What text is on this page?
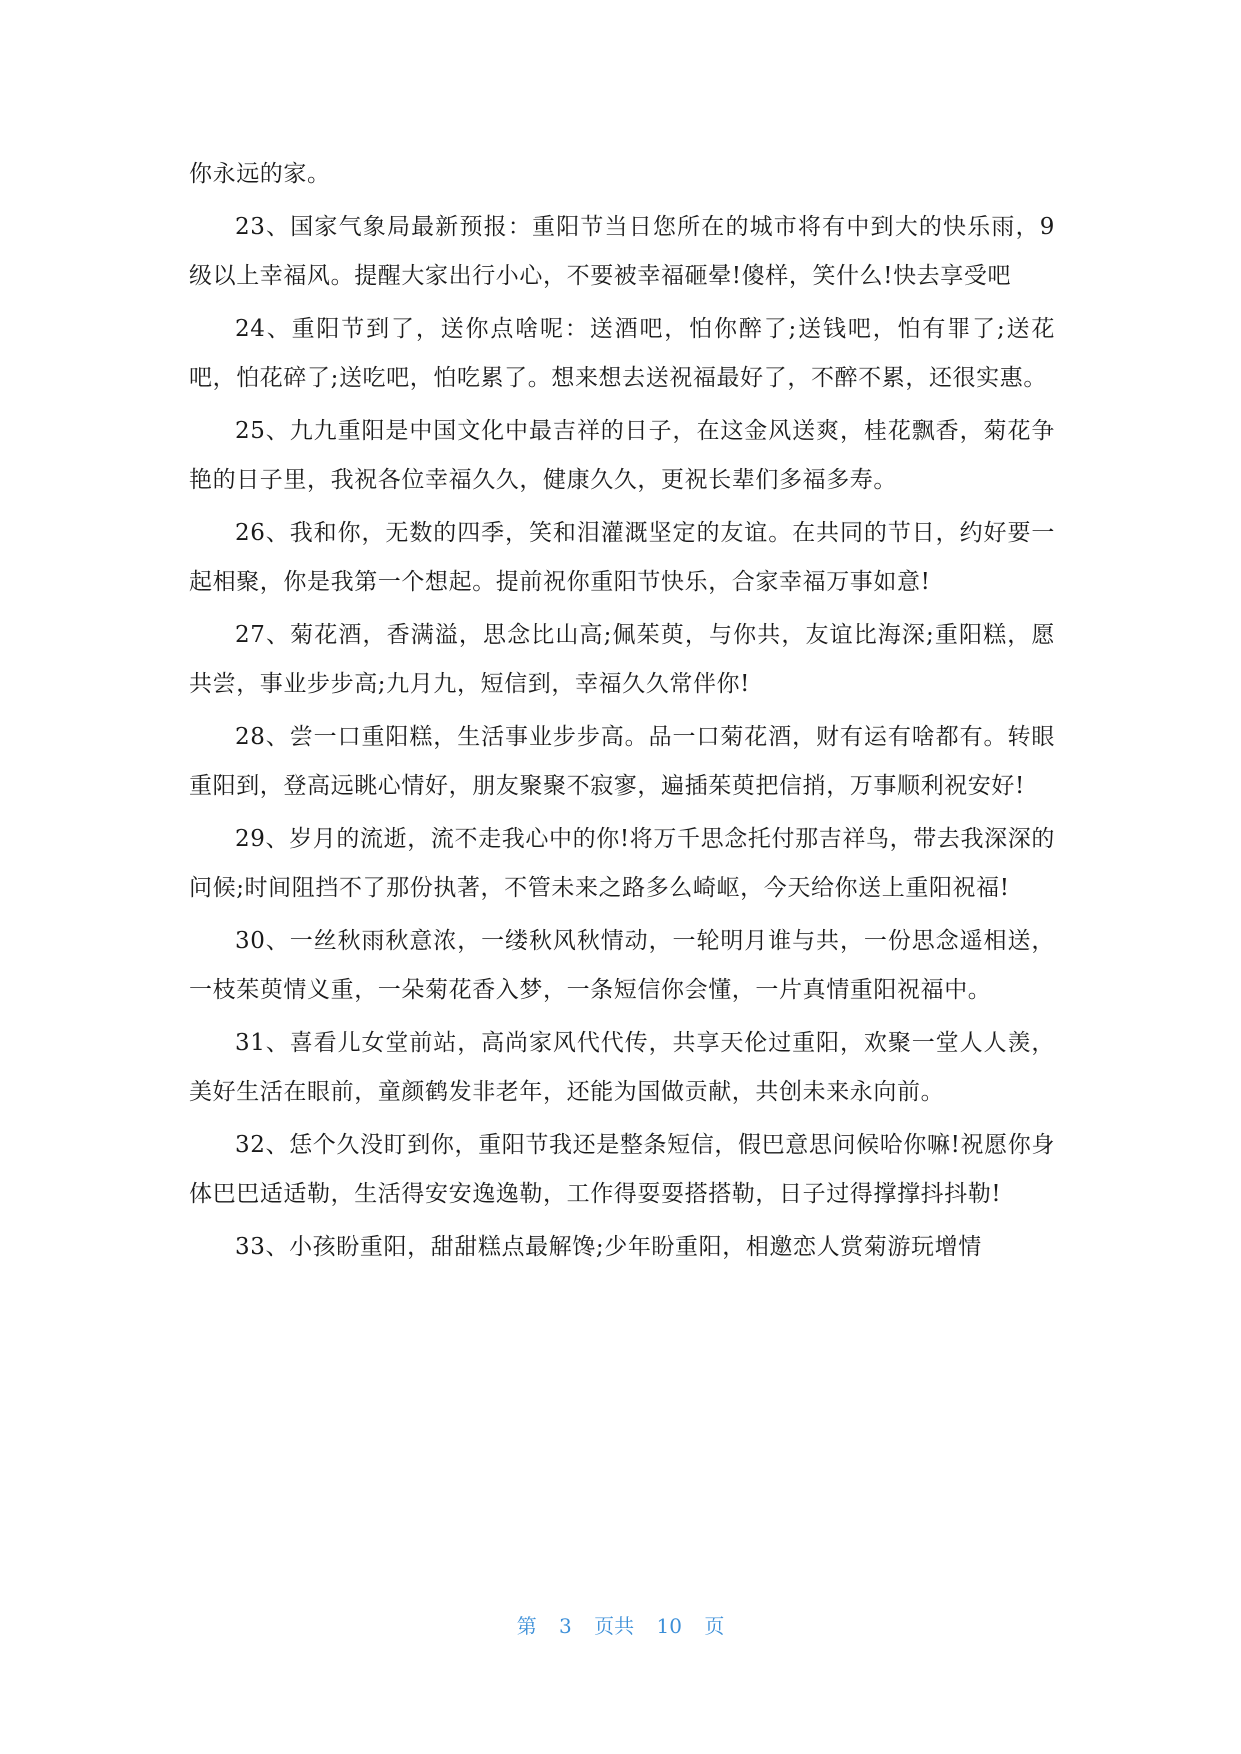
你永远的家。

23、国家气象局最新预报：重阳节当日您所在的城市将有中到大的快乐雨，9级以上幸福风。提醒大家出行小心，不要被幸福砸晕!傻样，笑什么!快去享受吧

24、重阳节到了，送你点啥呢：送酒吧，怕你醉了;送钱吧，怕有罪了;送花吧，怕花碎了;送吃吧，怕吃累了。想来想去送祝福最好了，不醉不累，还很实惠。

25、九九重阳是中国文化中最吉祥的日子，在这金风送爽，桂花飘香，菊花争艳的日子里，我祝各位幸福久久，健康久久，更祝长辈们多福多寿。

26、我和你，无数的四季，笑和泪灌溉坚定的友谊。在共同的节日，约好要一起相聚，你是我第一个想起。提前祝你重阳节快乐，合家幸福万事如意!

27、菊花酒，香满溢，思念比山高;佩茱萸，与你共，友谊比海深;重阳糕，愿共尝，事业步步高;九月九，短信到，幸福久久常伴你!

28、尝一口重阳糕，生活事业步步高。品一口菊花酒，财有运有啥都有。转眼重阳到，登高远眺心情好，朋友聚聚不寂寥，遍插茱萸把信捎，万事顺利祝安好!

29、岁月的流逝，流不走我心中的你!将万千思念托付那吉祥鸟，带去我深深的问候;时间阻挡不了那份执著，不管未来之路多么崎岖，今天给你送上重阳祝福!

30、一丝秋雨秋意浓，一缕秋风秋情动，一轮明月谁与共，一份思念遥相送，一枝茱萸情义重，一朵菊花香入梦，一条短信你会懂，一片真情重阳祝福中。

31、喜看儿女堂前站，高尚家风代代传，共享天伦过重阳，欢聚一堂人人羡，美好生活在眼前，童颜鹤发非老年，还能为国做贡献，共创未来永向前。

32、恁个久没盯到你，重阳节我还是整条短信，假巴意思问候哈你嘛!祝愿你身体巴巴适适勒，生活得安安逸逸勒，工作得耍耍搭搭勒，日子过得撑撑抖抖勒!

33、小孩盼重阳，甜甜糕点最解馋;少年盼重阳，相邀恋人赏菊游玩增情

第 3 页共 10 页
